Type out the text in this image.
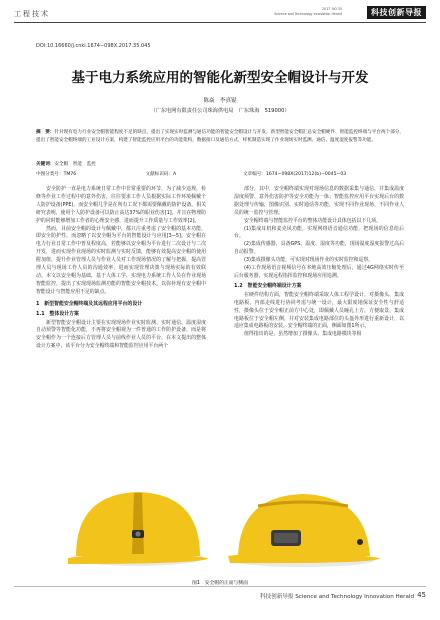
工程技术
2017  NO.35
Science and Technology Innovation Herald	科技创新导报
DOI:10.16660/j.cnki.1674−098X.2017.35.045
基于电力系统应用的智能化新型安全帽设计与开发
陈焱　李真锟
（广东电网有限责任公司珠海供电局　广东珠海　519000）
摘　要：针对现有电力行业安全帽智能程度不足的缺点，提出了实现实时监测与通信功能的智能安全帽设计与开发。新型智能安全帽汇总安全帽硬件、智能监控终端与平台两个部分，提出了智能安全帽终端的工业设计方案，构建了智能监控应用平台的功能架构，数据接口及通信方式，样机制造实现了作业现场实时监测、通信、温度湿度报警等功能。
关键词：安全帽　智能　监控
中图分类号：TM76	文献标识码：A	文章编号：1674−098X(2017)12(b)−0045−03

安全防护一直是电力系统日常工作中非常重要的环节，为了减少违规，检修等作业工作过程中的意外伤害，往往要求工作人员根据实际工作环境佩戴个人防护设备(PPE)，而安全帽几乎是在所有工况下都需要佩戴的防护设备。相关研究表明，使用个人防护设备可以防止高达37%的职业伤害[1]，并且在物理防护的同时能够增加工作者的心理安全感，进而提升工作质量与工作效率[2]。

然而，目前安全帽的设计与佩戴中，都只注重考虑了安全帽的基本功能，即安全防护性，而忽略了以安全帽为平台的智能设计与应用[3−5]。安全帽在电力行业日常工作中普及程度高，若能够以安全帽为平台进行二次设计与二次开发，进而实现作业现场的实时监测与实时反馈，能够有效提高安全帽的使用附加值，提升作业管理人员与作业人员对工作现场情况的了解与把握，提高管理人员与现场工作人员的沟通效率，进而实现管理决策与现场实际的有效联动。本文以安全帽为基础，基于人体工学，实现电力系统工作人员在作业现场智能监控，提出了实现现场监测功能的智能安全帽技术，以弥补现有安全帽中智能设计与智能应用不足的缺点。

1　新型智能安全帽终端及其远程应用平台的设计

1.1　整体设计方案

新型智能安全帽设计主要在实现现场作业实时监测、实时通信、温度湿度自动预警等智能化功能，不再将安全帽视为一件普通的工作防护设备，而是将安全帽作为一个连接后方管理人员与前线作业人员的平台。在本文提出的整体设计方案中，该平台分为安全帽终端和智能监控应用平台两个

部分，其中，安全帽终端实现对现场信息的数据采集与通信，并集成温度湿度预警、意外伤害防护等安全功能为一体；智能监控应用平台实现后台的数据处理与传输，图像识别、实时通话等功能，实现不同作业现场，不同作业人员的统一监控与管理。

安全帽终端与智能监控平台的整体功能设计具体包括以下几项。

(1)集成耳机和麦克风功能，实现网络语音通信功能，把现场的信息给后台。

(2)集成传感器，具备GPS、温度、湿度等功能，现场温度湿度报警过高后自动报警。

(3)集成摄像头功能，可实现对现场作业的实时监控和巡察。

(4)工作现场语音视频信号在本地高效压缩处理后，通过4G网络实时传至后台服务器，实现远程指挥监控和现场应用追溯。

1.2　智能安全帽终端设计方案

在硬件结构方面，智能安全帽终端采取人体工程学设计，对摄像头、集成电路板、内部走线进行协同考虑与统一设计，最大限度地保证安全性与舒适性，摄像头位于安全帽正前方中心处，即佩戴人员瞳孔上方，方便取景，集成电路板位于安全帽左侧，并对安装集成电路部位的头盔外形进行重新设计，以适应集成电路板的安装。安全帽终端的正面，侧面如图1所示。

值得指出的是，虽然增加了摄像头、集成电路模块等相

图1　安全帽的正面与侧面
科技创新导报 Science and Technology Innovation Herald 45
